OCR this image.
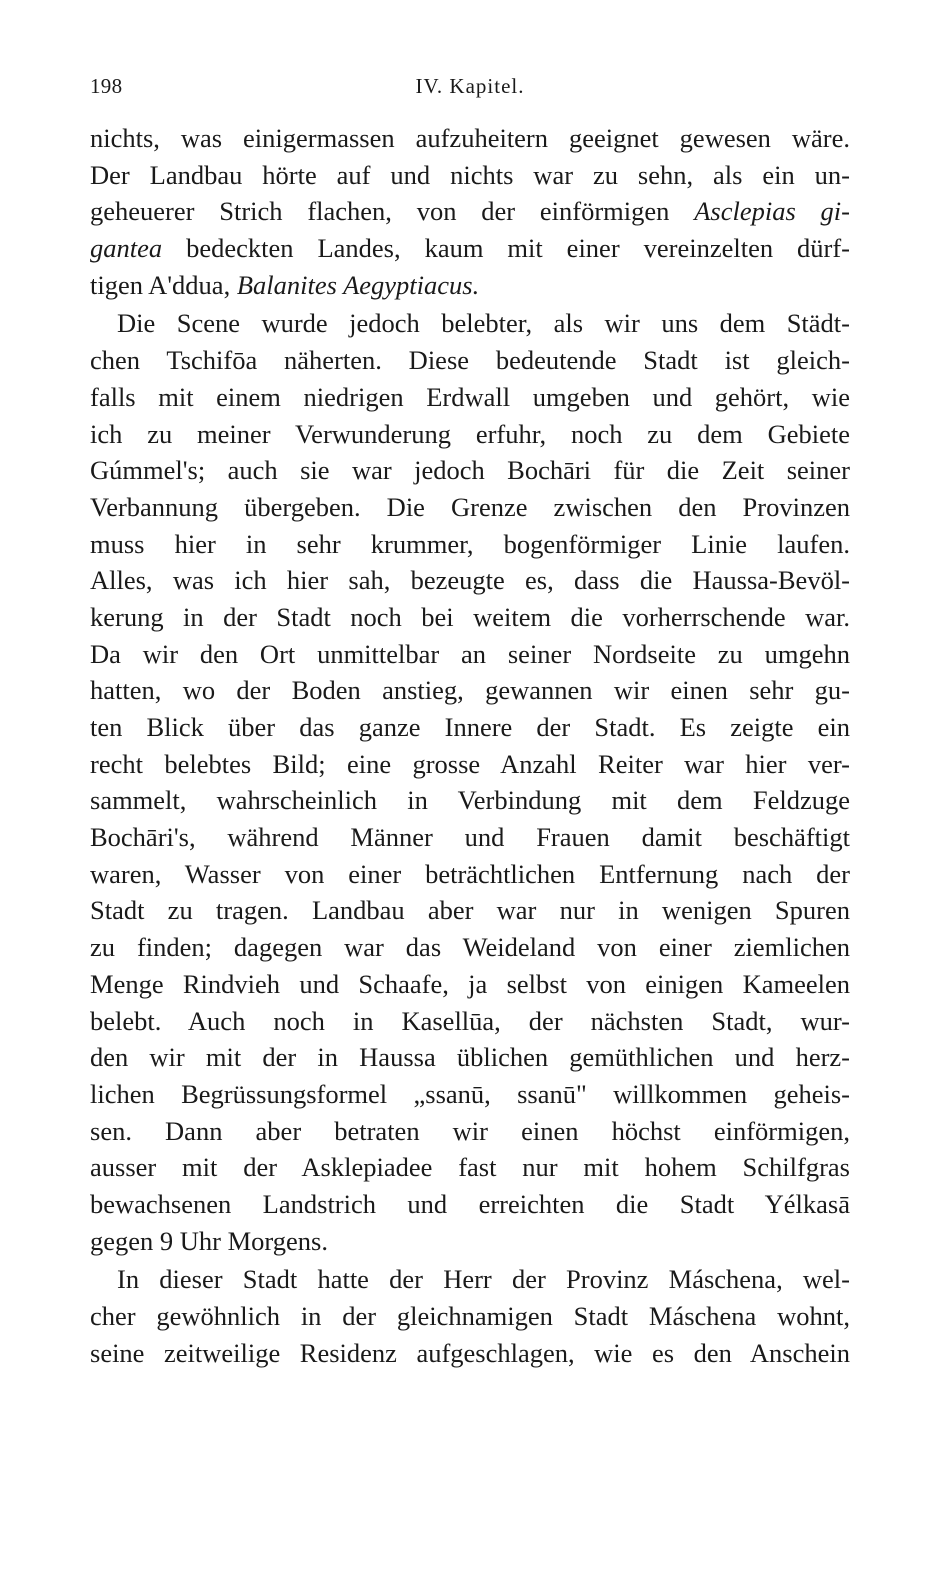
198	IV. Kapitel.
nichts, was einigermassen aufzuheitern geeignet gewesen wäre.
Der Landbau hörte auf und nichts war zu sehn, als ein un-
geheuerer Strich flachen, von der einförmigen Asclepias gi-
gantea bedeckten Landes, kaum mit einer vereinzelten dürf-
tigen A'ddua, Balanites Aegyptiacus.
Die Scene wurde jedoch belebter, als wir uns dem Städt-
chen Tschifōa näherten. Diese bedeutende Stadt ist gleich-
falls mit einem niedrigen Erdwall umgeben und gehört, wie
ich zu meiner Verwunderung erfuhr, noch zu dem Gebiete
Gúmmel's; auch sie war jedoch Bochāri für die Zeit seiner
Verbannung übergeben. Die Grenze zwischen den Provinzen
muss hier in sehr krummer, bogenförmiger Linie laufen.
Alles, was ich hier sah, bezeugte es, dass die Haussa-Bevöl-
kerung in der Stadt noch bei weitem die vorherrschende war.
Da wir den Ort unmittelbar an seiner Nordseite zu umgehn
hatten, wo der Boden anstieg, gewannen wir einen sehr gu-
ten Blick über das ganze Innere der Stadt. Es zeigte ein
recht belebtes Bild; eine grosse Anzahl Reiter war hier ver-
sammelt, wahrscheinlich in Verbindung mit dem Feldzuge
Bochāri's, während Männer und Frauen damit beschäftigt
waren, Wasser von einer beträchtlichen Entfernung nach der
Stadt zu tragen. Landbau aber war nur in wenigen Spuren
zu finden; dagegen war das Weideland von einer ziemlichen
Menge Rindvieh und Schaafe, ja selbst von einigen Kameelen
belebt. Auch noch in Kasellūa, der nächsten Stadt, wur-
den wir mit der in Haussa üblichen gemüthlichen und herz-
lichen Begrüssungsformel „ssanū, ssanū" willkommen geheis-
sen. Dann aber betraten wir einen höchst einförmigen,
ausser mit der Asklepiadee fast nur mit hohem Schilfgras
bewachsenen Landstrich und erreichten die Stadt Yélkasā
gegen 9 Uhr Morgens.
In dieser Stadt hatte der Herr der Provinz Máschena, wel-
cher gewöhnlich in der gleichnamigen Stadt Máschena wohnt,
seine zeitweilige Residenz aufgeschlagen, wie es den Anschein
